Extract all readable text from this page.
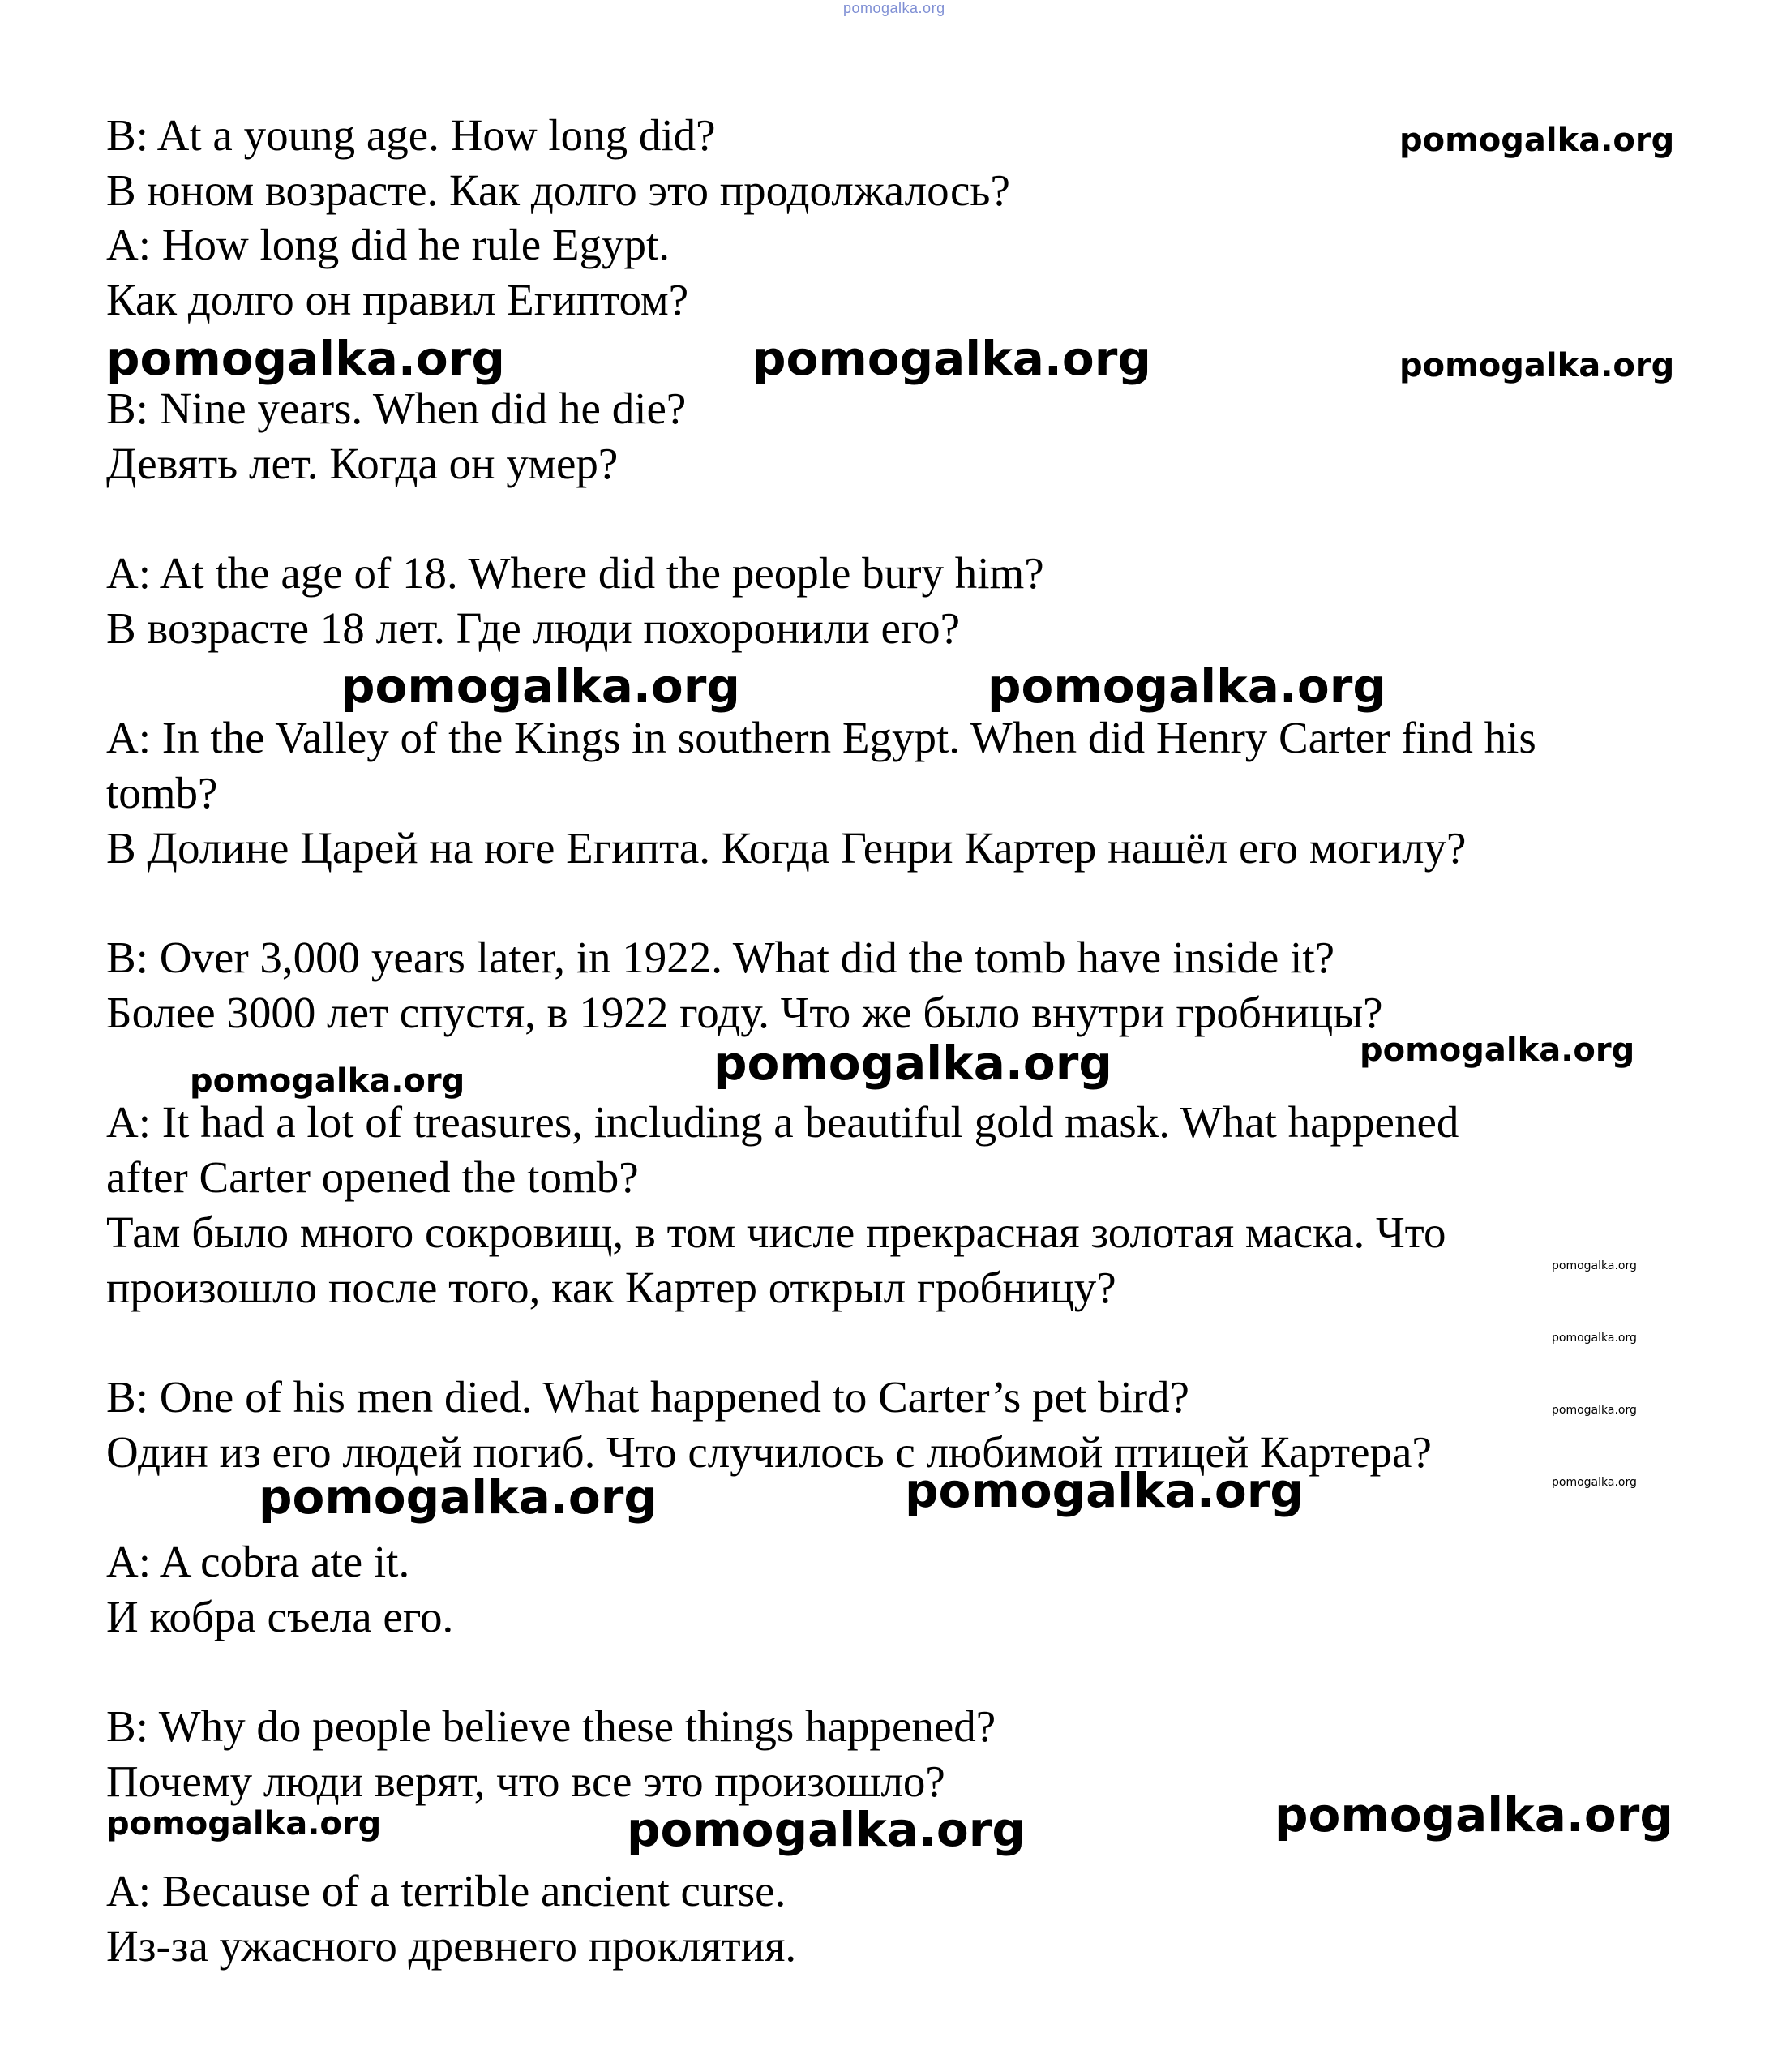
pomogalka.org
B: At a young age. How long did?
В юном возрасте. Как долго это продолжалось?
A: How long did he rule Egypt.
Как долго он правил Египтом?
B: Nine years. When did he die?
Девять лет. Когда он умер?
A: At the age of 18. Where did the people bury him?
В возрасте 18 лет. Где люди похоронили его?
A: In the Valley of the Kings in southern Egypt. When did Henry Carter find his
tomb?
В Долине Царей на юге Египта. Когда Генри Картер нашёл его могилу?
B: Over 3,000 years later, in 1922. What did the tomb have inside it?
Более 3000 лет спустя, в 1922 году. Что же было внутри гробницы?
A: It had a lot of treasures, including a beautiful gold mask. What happened
after Carter opened the tomb?
Там было много сокровищ, в том числе прекрасная золотая маска. Что
произошло после того, как Картер открыл гробницу?
B: One of his men died. What happened to Carter’s pet bird?
Один из его людей погиб. Что случилось с любимой птицей Картера?
A: A cobra ate it.
И кобра съела его.
B: Why do people believe these things happened?
Почему люди верят, что все это произошло?
A: Because of a terrible ancient curse.
Из-за ужасного древнего проклятия.
pomogalka.org
pomogalka.org	pomogalka.org	pomogalka.org
pomogalka.org	pomogalka.org
pomogalka.org	pomogalka.org	pomogalka.org
pomogalka.org
pomogalka.org
pomogalka.org
pomogalka.org
pomogalka.org	pomogalka.org
pomogalka.org	pomogalka.org	pomogalka.org
